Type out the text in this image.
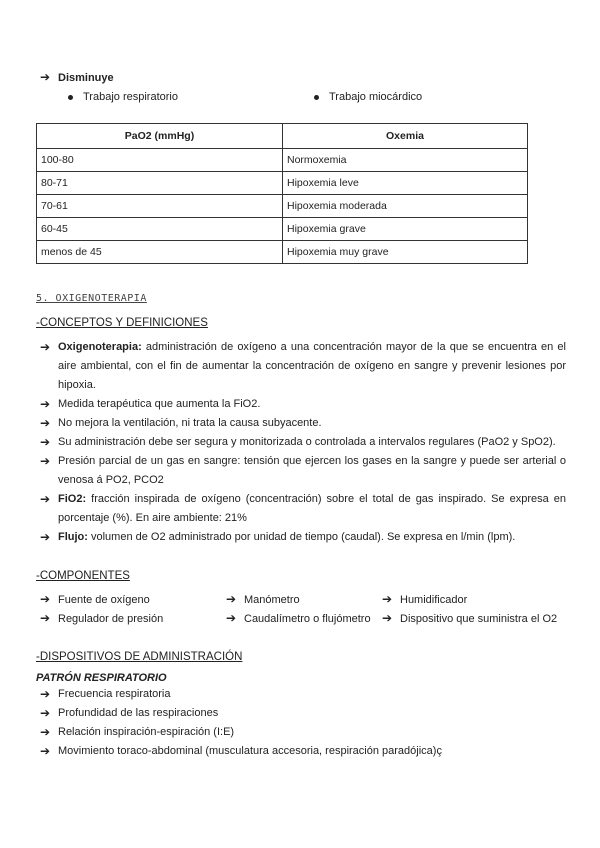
➔ Disminuye
Trabajo respiratorio	Trabajo miocárdico
PaO2 (mmHg)	Oxemia
100-80	Normoxemia
80-71	Hipoxemia leve
70-61	Hipoxemia moderada
60-45	Hipoxemia grave
menos de 45	Hipoxemia muy grave
5. OXIGENOTERAPIA
-CONCEPTOS Y DEFINICIONES
➔ Oxigenoterapia: administración de oxígeno a una concentración mayor de la que se encuentra en el aire ambiental, con el fin de aumentar la concentración de oxígeno en sangre y prevenir lesiones por hipoxia.
➔ Medida terapéutica que aumenta la FiO2.
➔ No mejora la ventilación, ni trata la causa subyacente.
➔ Su administración debe ser segura y monitorizada o controlada a intervalos regulares (PaO2 y SpO2).
➔ Presión parcial de un gas en sangre: tensión que ejercen los gases en la sangre y puede ser arterial o venosa á PO2, PCO2
➔ FiO2: fracción inspirada de oxígeno (concentración) sobre el total de gas inspirado. Se expresa en porcentaje (%). En aire ambiente: 21%
➔ Flujo: volumen de O2 administrado por unidad de tiempo (caudal). Se expresa en l/min (lpm).
-COMPONENTES
➔ Fuente de oxígeno
➔ Regulador de presión
➔ Manómetro
➔ Caudalímetro o flujómetro
➔ Humidificador
➔ Dispositivo que suministra el O2
-DISPOSITIVOS DE ADMINISTRACIÓN
PATRÓN RESPIRATORIO
➔ Frecuencia respiratoria
➔ Profundidad de las respiraciones
➔ Relación inspiración-espiración (I:E)
➔ Movimiento toraco-abdominal (musculatura accesoria, respiración paradójica)ç
